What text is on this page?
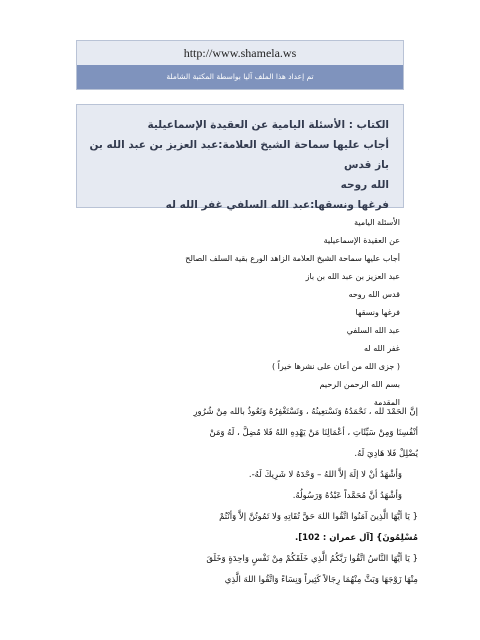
http://www.shamela.ws
تم إعداد هذا الملف آليا بواسطة المكتبة الشاملة
الكتاب : الأسئلة اليامية عن العقيدة الإسماعيلية
أجاب عليها سماحة الشيخ العلامة:عبد العزيز بن عبد الله بن باز قدس
الله روحه
فرغها ونسقها:عبد الله السلفي غفر الله له
الأسئلة اليامية
عن العقيدة الإسماعيلية
أجاب عليها سماحة الشيخ العلامة الزاهد الورع بقية السلف الصالح
عبد العزيز بن عبد الله بن باز
قدس الله روحه
فرغها ونسقها
عبد الله السلفي
غفر الله له
( جزى الله من أعان على نشرها خيراً )
بسم الله الرحمن الرحيم
المقدمة
إنَّ الحَمْدَ لله ، نَحْمَدُهُ وَنَسْتعِينُهُ ، وَنَسْتَغْفِرُهُ وَنَعُوذُ بالله مِنْ شُرُورِ
أنْفُسِنَا وَمِنْ سَيِّئَاتِ ، أعْمَالِنَا مَنْ يَهْدِهِ اللهُ فَلا مُضِلَّ ، لَهُ وَمَنْ
يُضْلِلْ فَلا هَادِيَ لَهُ.
وَأشْهَدُ أنْ لا إلَهَ إلاَّ اللهُ – وَحْدَهُ لا شَرِيكَ لَهُ-.
وَأشْهَدُ أنَّ مُحَمَّداً عَبْدُهُ وَرَسُولُهُ.
{ يَا أيُّهَا الَّذِينَ آمَنُوا اتَّقُوا اللهَ حَقَّ تُقَاتِهِ وَلا تَمُوتُنَّ إلاَّ وَأنْتُمْ
مُسْلِمُونَ} [آل عمران : 102].
{ يَا أيُّهَا النَّاسُ اتَّقُوا رَبَّكُمُ الَّذِي خَلَقَكُمْ مِنْ نَفْسٍ وَاحِدَةٍ وَخَلَقَ
مِنْهَا زَوْجَهَا وَبَثَّ مِنْهُمَا رِجَالاً كَثِيراً وَنِسَاءً وَاتَّقُوا اللهَ الَّذِي
